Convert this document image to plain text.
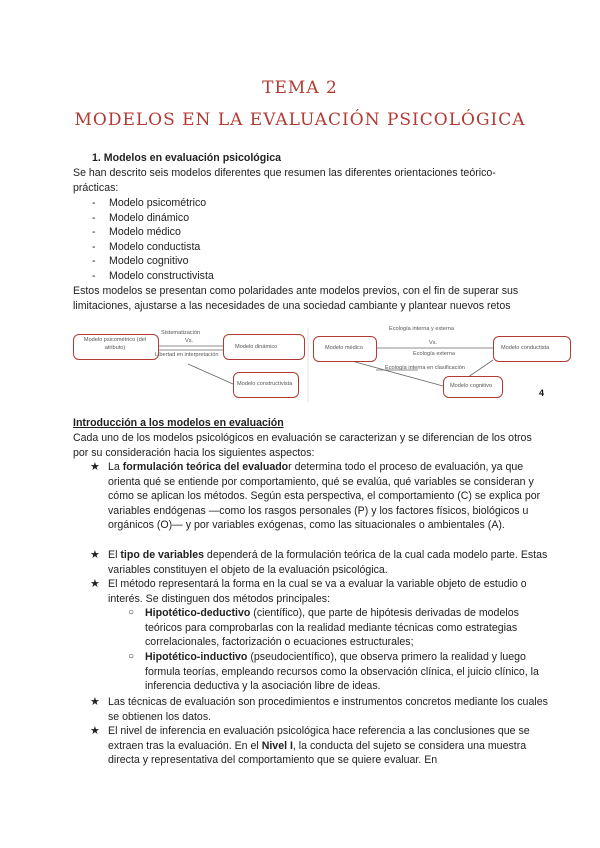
TEMA 2
MODELOS EN LA EVALUACIÓN PSICOLÓGICA
1. Modelos en evaluación psicológica
Se han descrito seis modelos diferentes que resumen las diferentes orientaciones teórico-prácticas:
- Modelo psicométrico
- Modelo dinámico
- Modelo médico
- Modelo conductista
- Modelo cognitivo
- Modelo constructivista
Estos modelos se presentan como polaridades ante modelos previos, con el fin de superar sus limitaciones, ajustarse a las necesidades de una sociedad cambiante y plantear nuevos retos
Modelo psicométrico (del atributo)	Modelo dinámico
Modelo constructivista
Sistematización
Vs.
Libertad en interpretación
Modelo médico	Modelo conductista
Modelo cognitivo
Ecología interna y externa
Vs.
Ecología externa
Ecología interna en clasificación
4
Introducción a los modelos en evaluación
Cada uno de los modelos psicológicos en evaluación se caracterizan y se diferencian de los otros por su consideración hacia los siguientes aspectos:
★ La formulación teórica del evaluador determina todo el proceso de evaluación, ya que orienta qué se entiende por comportamiento, qué se evalúa, qué variables se consideran y cómo se aplican los métodos. Según esta perspectiva, el comportamiento (C) se explica por variables endógenas —como los rasgos personales (P) y los factores físicos, biológicos u orgánicos (O)— y por variables exógenas, como las situacionales o ambientales (A).
★ El tipo de variables dependerá de la formulación teórica de la cual cada modelo parte. Estas variables constituyen el objeto de la evaluación psicológica.
★ El método representará la forma en la cual se va a evaluar la variable objeto de estudio o interés. Se distinguen dos métodos principales:
○ Hipotético-deductivo (científico), que parte de hipótesis derivadas de modelos teóricos para comprobarlas con la realidad mediante técnicas como estrategias correlacionales, factorización o ecuaciones estructurales;
○ Hipotético-inductivo (pseudocientífico), que observa primero la realidad y luego formula teorías, empleando recursos como la observación clínica, el juicio clínico, la inferencia deductiva y la asociación libre de ideas.
★ Las técnicas de evaluación son procedimientos e instrumentos concretos mediante los cuales se obtienen los datos.
★ El nivel de inferencia en evaluación psicológica hace referencia a las conclusiones que se extraen tras la evaluación. En el Nivel I, la conducta del sujeto se considera una muestra directa y representativa del comportamiento que se quiere evaluar. En
